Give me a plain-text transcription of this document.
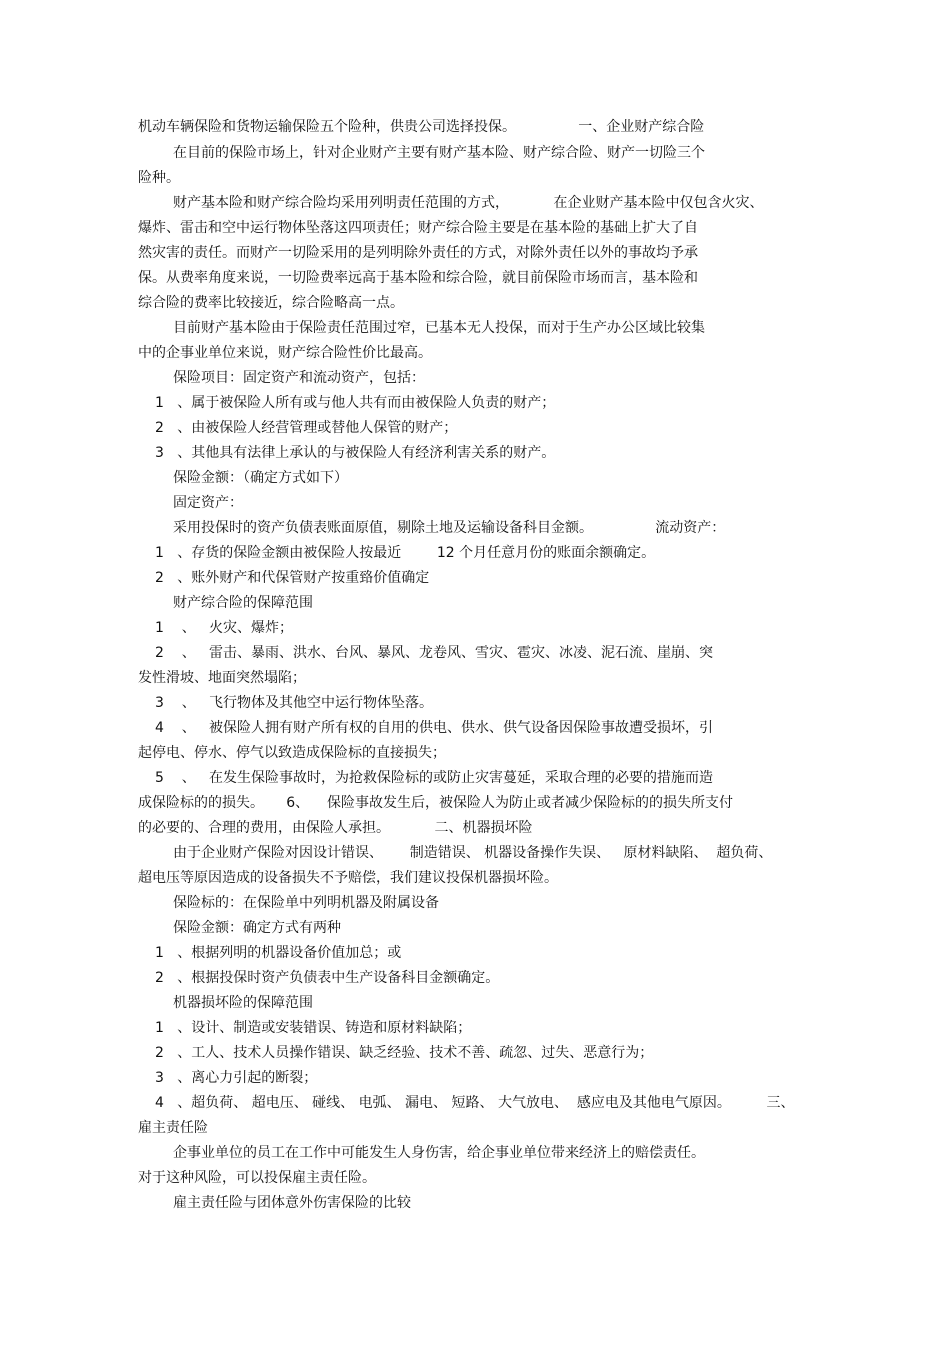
机动车辆保险和货物运输保险五个险种，供贵公司选择投保。              一、企业财产综合险
在目前的保险市场上，针对企业财产主要有财产基本险、财产综合险、财产一切险三个
险种。
财产基本险和财产综合险均采用列明责任范围的方式，          在企业财产基本险中仅包含火灾、
爆炸、雷击和空中运行物体坠落这四项责任；财产综合险主要是在基本险的基础上扩大了自
然灾害的责任。而财产一切险采用的是列明除外责任的方式，对除外责任以外的事故均予承
保。从费率角度来说，一切险费率远高于基本险和综合险，就目前保险市场而言，基本险和
综合险的费率比较接近，综合险略高一点。
目前财产基本险由于保险责任范围过窄，已基本无人投保，而对于生产办公区域比较集
中的企事业单位来说，财产综合险性价比最高。
保险项目：固定资产和流动资产，包括：
1   、属于被保险人所有或与他人共有而由被保险人负责的财产；
2   、由被保险人经营管理或替他人保管的财产；
3   、其他具有法律上承认的与被保险人有经济利害关系的财产。
保险金额：（确定方式如下）
固定资产：
采用投保时的资产负债表账面原值，剔除土地及运输设备科目金额。              流动资产：
1   、存货的保险金额由被保险人按最近        12 个月任意月份的账面余额确定。
2   、账外财产和代保管财产按重臵价值确定
财产综合险的保障范围
1    、   火灾、爆炸；
2    、   雷击、暴雨、洪水、台风、暴风、龙卷风、雪灾、雹灾、冰凌、泥石流、崖崩、突
发性滑坡、地面突然塌陷；
3    、   飞行物体及其他空中运行物体坠落。
4    、   被保险人拥有财产所有权的自用的供电、供水、供气设备因保险事故遭受损坏，引
起停电、停水、停气以致造成保险标的直接损失；
5    、   在发生保险事故时，为抢救保险标的或防止灾害蔓延，采取合理的必要的措施而造
成保险标的的损失。     6、    保险事故发生后，被保险人为防止或者减少保险标的的损失所支付
的必要的、合理的费用，由保险人承担。          二、机器损坏险
由于企业财产保险对因设计错误、      制造错误、 机器设备操作失误、   原材料缺陷、  超负荷、
超电压等原因造成的设备损失不予赔偿，我们建议投保机器损坏险。
保险标的：在保险单中列明机器及附属设备
保险金额：确定方式有两种
1   、根据列明的机器设备价值加总；或
2   、根据投保时资产负债表中生产设备科目金额确定。
机器损坏险的保障范围
1   、设计、制造或安装错误、铸造和原材料缺陷；
2   、工人、技术人员操作错误、缺乏经验、技术不善、疏忽、过失、恶意行为；
3   、离心力引起的断裂；
4   、超负荷、 超电压、 碰线、 电弧、 漏电、 短路、 大气放电、  感应电及其他电气原因。        三、
雇主责任险
企事业单位的员工在工作中可能发生人身伤害，给企事业单位带来经济上的赔偿责任。
对于这种风险，可以投保雇主责任险。
雇主责任险与团体意外伤害保险的比较
